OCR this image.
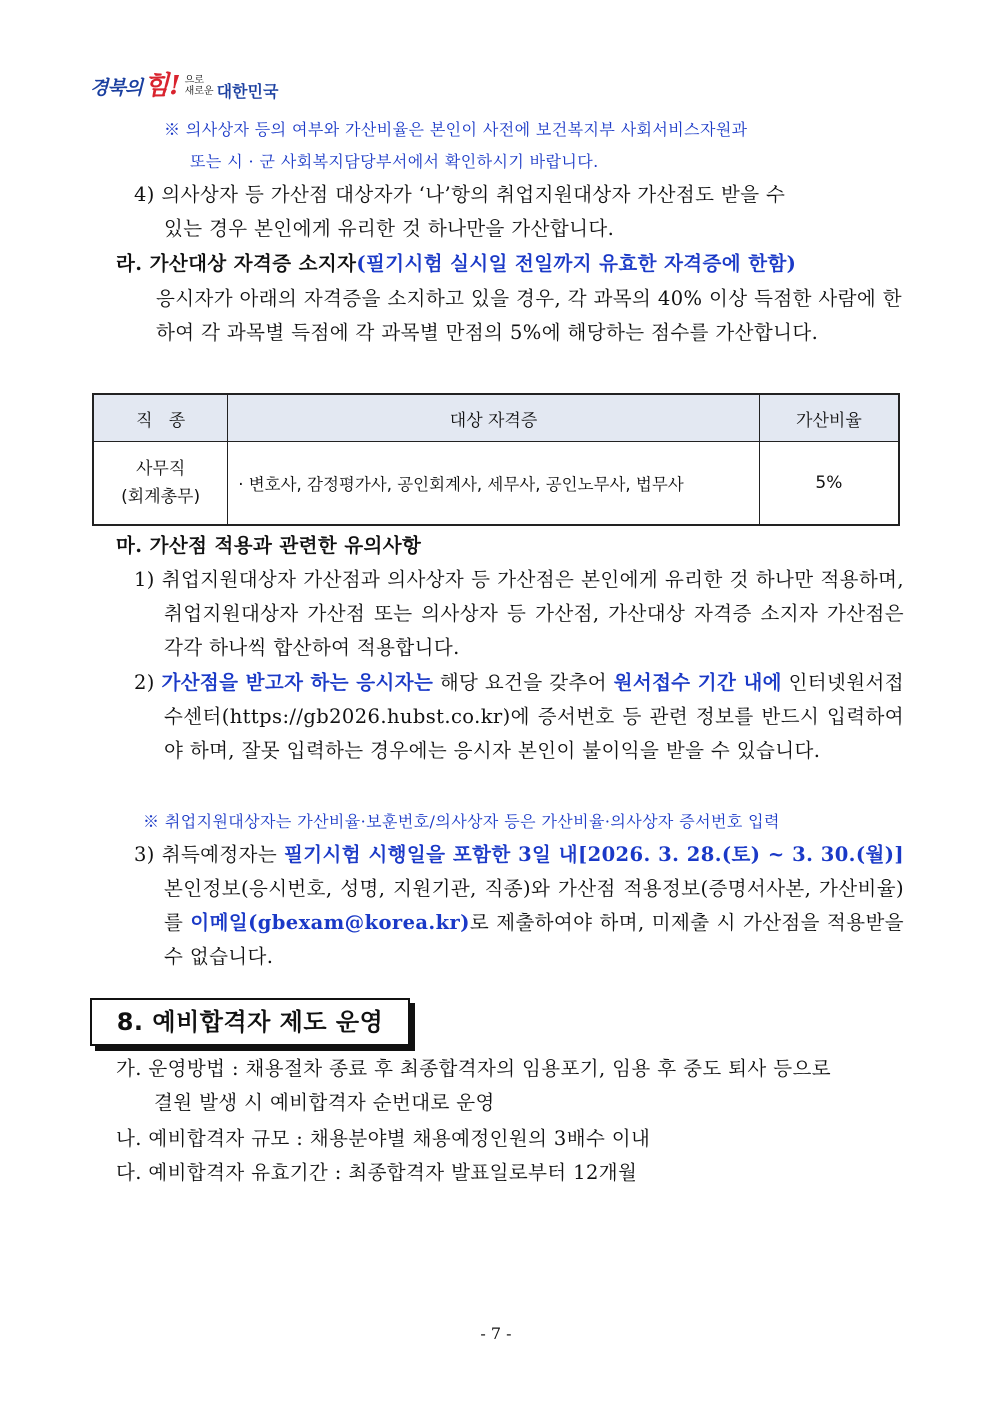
경북의 힘! 으로
새로운 대한민국
※ 의사상자 등의 여부와 가산비율은 본인이 사전에 보건복지부 사회서비스자원과
또는 시 · 군 사회복지담당부서에서 확인하시기 바랍니다.
4) 의사상자 등 가산점 대상자가 ‘나’항의 취업지원대상자 가산점도 받을 수
있는 경우 본인에게 유리한 것 하나만을 가산합니다.
라. 가산대상 자격증 소지자(필기시험 실시일 전일까지 유효한 자격증에 한함)
응시자가 아래의 자격증을 소지하고 있을 경우, 각 과목의 40% 이상 득점한 사람에 한하여 각 과목별 득점에 각 과목별 만점의 5%에 해당하는 점수를 가산합니다.
직   종	대상 자격증	가산비율

사무직
(회계총무)	· 변호사, 감정평가사, 공인회계사, 세무사, 공인노무사, 법무사	5%
마. 가산점 적용과 관련한 유의사항
1) 취업지원대상자 가산점과 의사상자 등 가산점은 본인에게 유리한 것 하나만 적용하며, 취업지원대상자 가산점 또는 의사상자 등 가산점, 가산대상 자격증 소지자 가산점은 각각 하나씩 합산하여 적용합니다.
2) 가산점을 받고자 하는 응시자는 해당 요건을 갖추어 원서접수 기간 내에 인터넷원서접수센터(https://gb2026.hubst.co.kr)에 증서번호 등 관련 정보를 반드시 입력하여야 하며, 잘못 입력하는 경우에는 응시자 본인이 불이익을 받을 수 있습니다.
※ 취업지원대상자는 가산비율·보훈번호/의사상자 등은 가산비율·의사상자 증서번호 입력
3) 취득예정자는 필기시험 시행일을 포함한 3일 내[2026. 3. 28.(토) ~ 3. 30.(월)] 본인정보(응시번호, 성명, 지원기관, 직종)와 가산점 적용정보(증명서사본, 가산비율)를 이메일(gbexam@korea.kr)로 제출하여야 하며, 미제출 시 가산점을 적용받을 수 없습니다.
8. 예비합격자 제도 운영
가. 운영방법 : 채용절차 종료 후 최종합격자의 임용포기, 임용 후 중도 퇴사 등으로
결원 발생 시 예비합격자 순번대로 운영
나. 예비합격자 규모 : 채용분야별 채용예정인원의 3배수 이내
다. 예비합격자 유효기간 : 최종합격자 발표일로부터 12개월
- 7 -
